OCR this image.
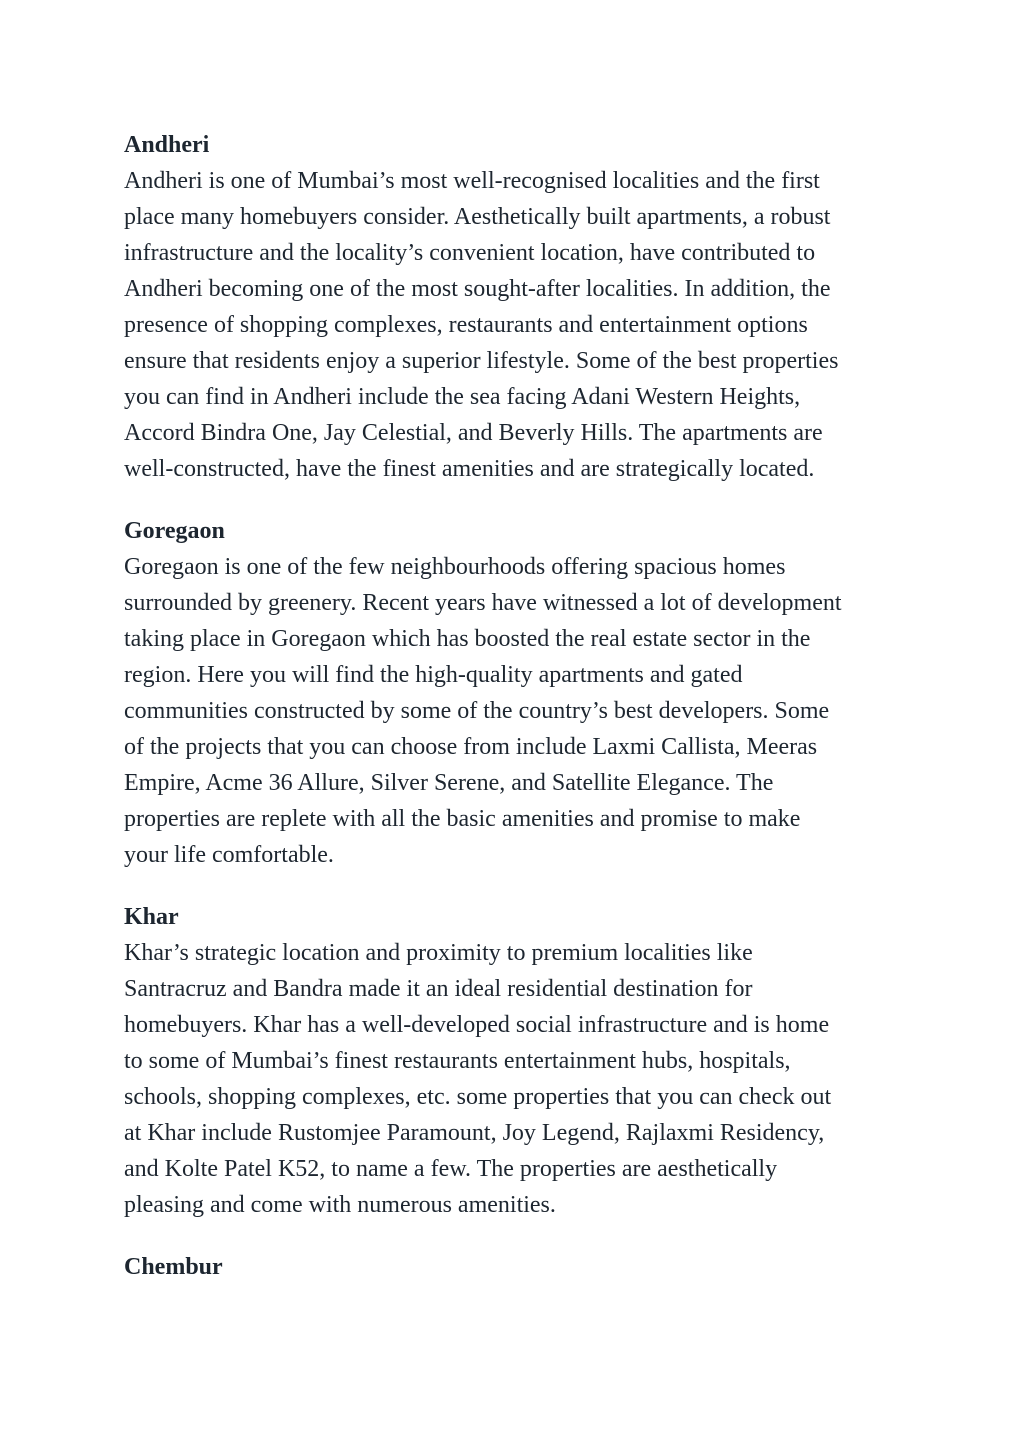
Andheri
Andheri is one of Mumbai’s most well-recognised localities and the first
place many homebuyers consider. Aesthetically built apartments, a robust
infrastructure and the locality’s convenient location, have contributed to
Andheri becoming one of the most sought-after localities. In addition, the
presence of shopping complexes, restaurants and entertainment options
ensure that residents enjoy a superior lifestyle. Some of the best properties
you can find in Andheri include the sea facing Adani Western Heights,
Accord Bindra One, Jay Celestial, and Beverly Hills. The apartments are
well-constructed, have the finest amenities and are strategically located.
Goregaon
Goregaon is one of the few neighbourhoods offering spacious homes
surrounded by greenery. Recent years have witnessed a lot of development
taking place in Goregaon which has boosted the real estate sector in the
region. Here you will find the high-quality apartments and gated
communities constructed by some of the country’s best developers. Some
of the projects that you can choose from include Laxmi Callista, Meeras
Empire, Acme 36 Allure, Silver Serene, and Satellite Elegance. The
properties are replete with all the basic amenities and promise to make
your life comfortable.
Khar
Khar’s strategic location and proximity to premium localities like
Santracruz and Bandra made it an ideal residential destination for
homebuyers. Khar has a well-developed social infrastructure and is home
to some of Mumbai’s finest restaurants entertainment hubs, hospitals,
schools, shopping complexes, etc. some properties that you can check out
at Khar include Rustomjee Paramount, Joy Legend, Rajlaxmi Residency,
and Kolte Patel K52, to name a few. The properties are aesthetically
pleasing and come with numerous amenities.
Chembur
